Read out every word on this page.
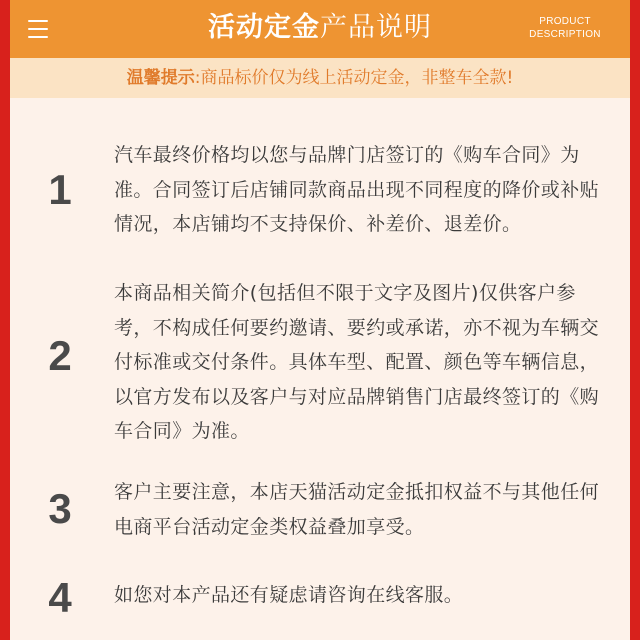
活动定金产品说明	PRODUCT
DESCRIPTION
温馨提示:商品标价仅为线上活动定金，非整车全款!
1
汽车最终价格均以您与品牌门店签订的《购车合同》为准。合同签订后店铺同款商品出现不同程度的降价或补贴情况，本店铺均不支持保价、补差价、退差价。
2
本商品相关简介(包括但不限于文字及图片)仅供客户参考，不构成任何要约邀请、要约或承诺，亦不视为车辆交付标准或交付条件。具体车型、配置、颜色等车辆信息，以官方发布以及客户与对应品牌销售门店最终签订的《购车合同》为准。
3	客户主要注意，本店天猫活动定金抵扣权益不与其他任何电商平台活动定金类权益叠加享受。
4	如您对本产品还有疑虑请咨询在线客服。
